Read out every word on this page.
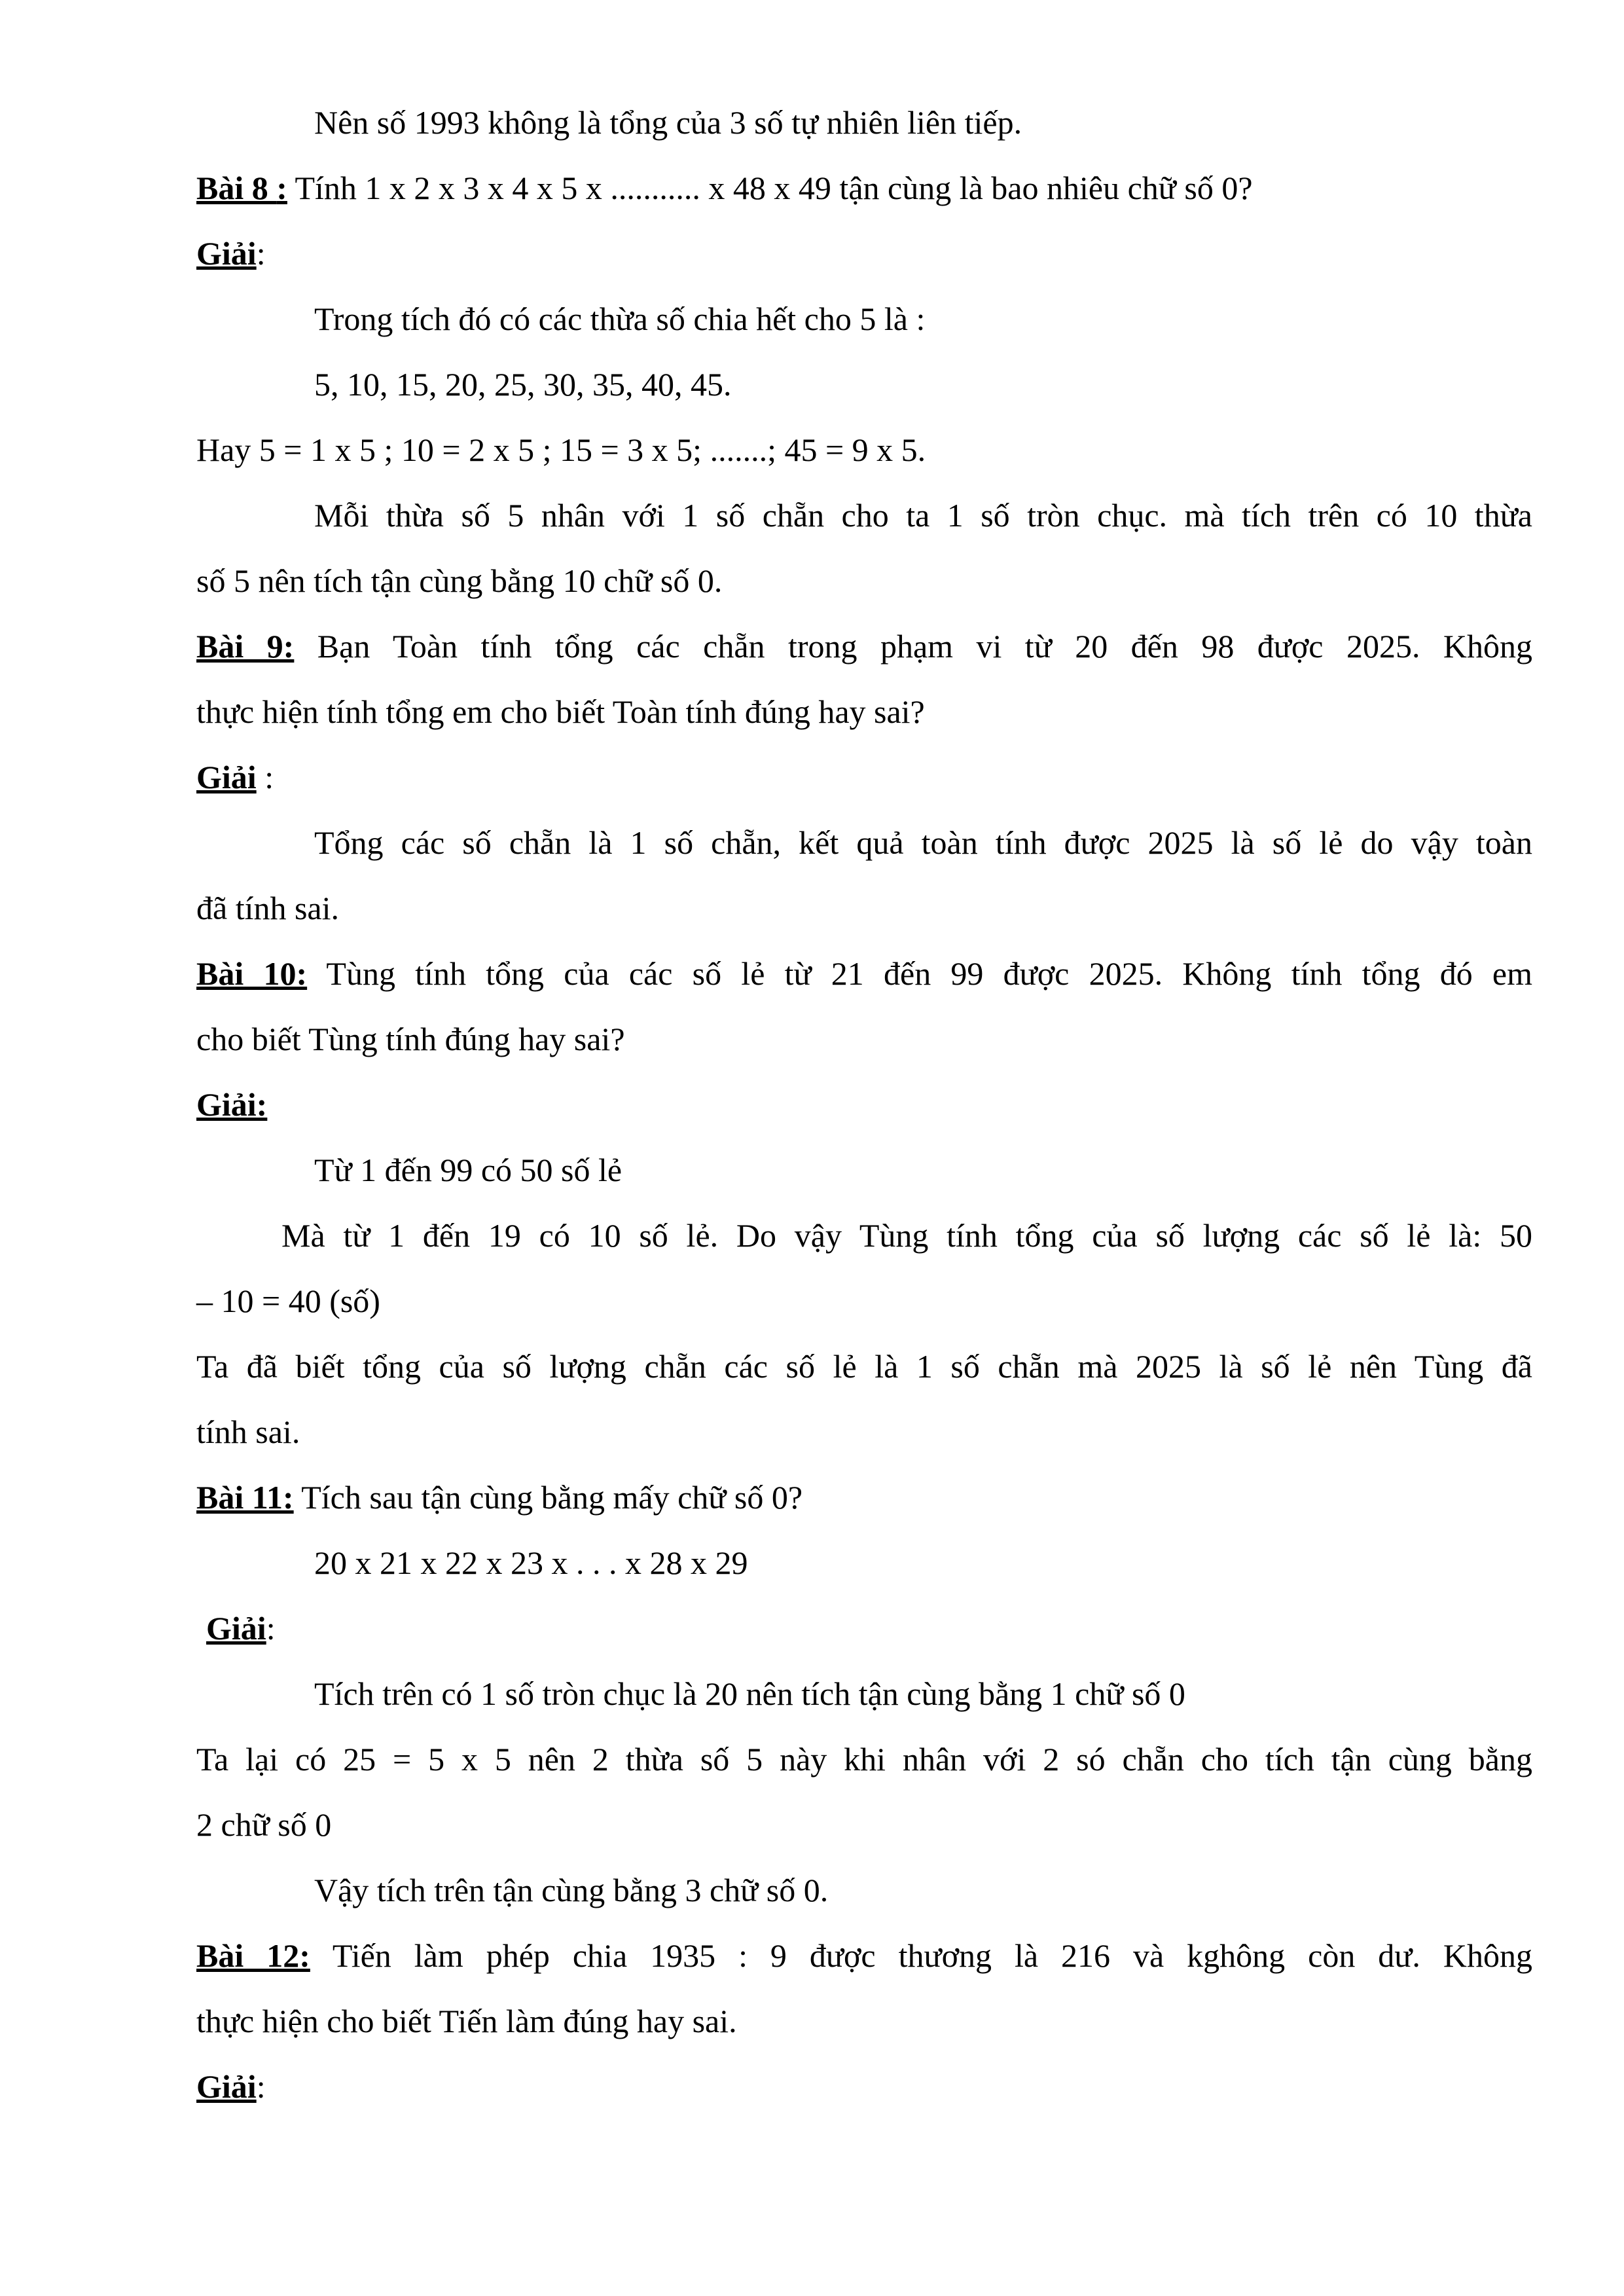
Nên số 1993 không là tổng của 3 số tự nhiên liên tiếp.
Bài 8 : Tính 1 x 2 x 3 x 4 x 5 x ........... x 48 x 49 tận cùng là bao nhiêu chữ số 0?
Giải:
Trong tích đó có các thừa số chia hết cho 5 là :
5, 10, 15, 20, 25, 30, 35, 40, 45.
Hay 5 = 1 x 5 ; 10 = 2 x 5 ; 15 = 3 x 5; .......; 45 = 9 x 5.
Mỗi thừa số 5 nhân với 1 số chẵn cho ta 1 số tròn chục. mà tích trên có 10 thừa
số 5 nên tích tận cùng bằng 10 chữ số 0.
Bài 9: Bạn Toàn tính tổng các chẵn trong phạm vi từ 20 đến 98 được 2025. Không
thực hiện tính tổng em cho biết Toàn tính đúng hay sai?
Giải :
Tổng các số chẵn là 1 số chẵn, kết quả toàn tính được 2025 là số lẻ do vậy toàn
đã tính sai.
Bài 10: Tùng tính tổng của các số lẻ từ 21 đến 99 được 2025. Không tính tổng đó em
cho biết Tùng tính đúng hay sai?
Giải:
Từ 1 đến 99 có 50 số lẻ
Mà từ 1 đến 19 có 10 số lẻ. Do vậy Tùng tính tổng của số lượng các số lẻ là: 50
– 10 = 40 (số)
Ta đã biết tổng của số lượng chẵn các số lẻ là 1 số chẵn mà 2025 là số lẻ nên Tùng đã
tính sai.
Bài 11: Tích sau tận cùng bằng mấy chữ số 0?
20 x 21 x 22 x 23 x . . . x 28 x 29
Giải:
Tích trên có 1 số tròn chục là 20 nên tích tận cùng bằng 1 chữ số 0
Ta lại có 25 = 5 x 5 nên 2 thừa số 5 này khi nhân với 2 só chẵn cho tích tận cùng bằng
2 chữ số 0
Vậy tích trên tận cùng bằng 3 chữ số 0.
Bài 12: Tiến làm phép chia 1935 : 9 được thương là 216 và kghông còn dư. Không
thực hiện cho biết Tiến làm đúng hay sai.
Giải:
